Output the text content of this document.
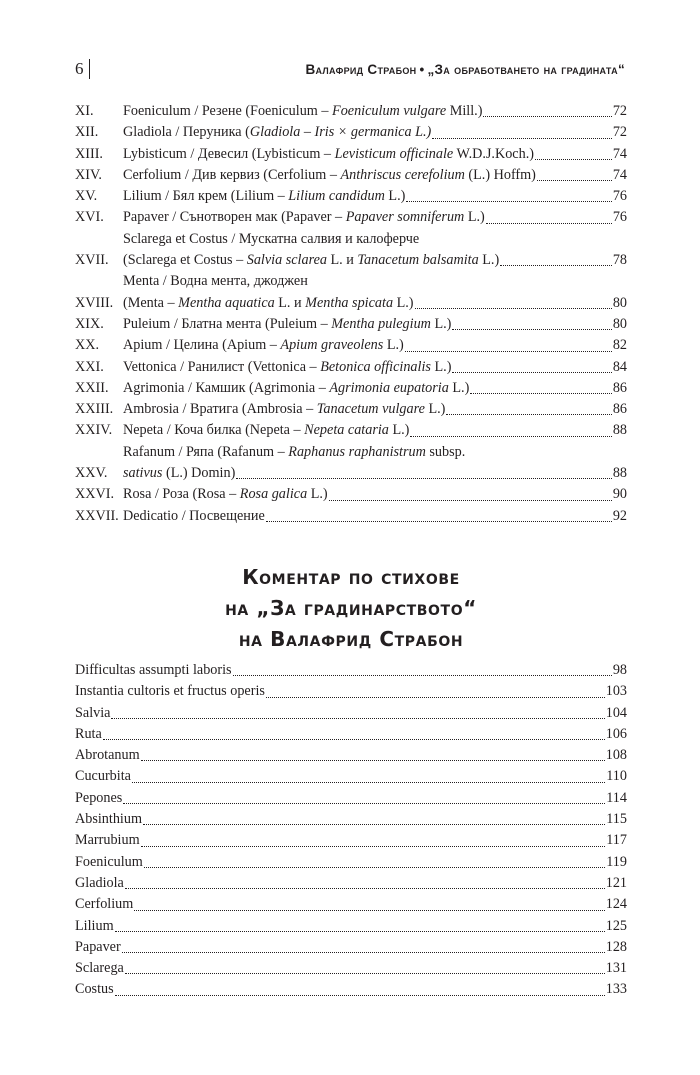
6	Валафрид Страбон • „За обработването на градината“
XI.	Foeniculum / Резене (Foeniculum – Foeniculum vulgare Mill.)	72
XII.	Gladiola / Перуника (Gladiola – Iris × germanica L.)	72
XIII.	Lybisticum / Девесил (Lybisticum – Levisticum officinale W.D.J.Koch.)	74
XIV.	Cerfolium / Див кервиз (Cerfolium – Anthriscus cerefolium (L.) Hoffm)	74
XV.	Lilium / Бял крем (Lilium – Lilium candidum L.)	76
XVI.	Papaver / Сънотворен мак (Papaver – Papaver somniferum L.)	76
XVII.
Sclarega et Costus / Мускатна салвия и калоферче
(Sclarega et Costus – Salvia sclarea L. и Tanacetum balsamita L.)	78
XVIII.
Menta / Водна мента, джоджен
(Menta – Mentha aquatica L. и Mentha spicata L.)	80
XIX.	Puleium / Блатна мента (Puleium – Mentha pulegium L.)	80
XX.	Apium / Целина (Apium – Apium graveolens L.)	82
XXI.	Vettonica / Ранилист (Vettonica – Betonica officinalis L.)	84
XXII.	Agrimonia / Камшик (Agrimonia – Agrimonia eupatoria L.)	86
XXIII. Ambrosia / Вратига (Ambrosia – Tanacetum vulgare L.)	86
XXIV. Nepeta / Коча билка (Nepeta – Nepeta cataria L.)	88
XXV.
Rafanum / Ряпа (Rafanum – Raphanus raphanistrum subsp.
sativus (L.) Domin)	88
XXVI. Rosa / Роза (Rosa – Rosa galica L.)	90
XXVII. Dedicatio / Посвещение	92
Коментар по стихове
на „За градинарството“
на Валафрид Страбон
Difficultas assumpti laboris	98
Instantia cultoris et fructus operis	103
Salvia	104
Ruta	106
Abrotanum	108
Cucurbita	110
Pepones	114
Absinthium	115
Marrubium	117
Foeniculum	119
Gladiola	121
Cerfolium	124
Lilium	125
Papaver	128
Sclarega	131
Costus	133
